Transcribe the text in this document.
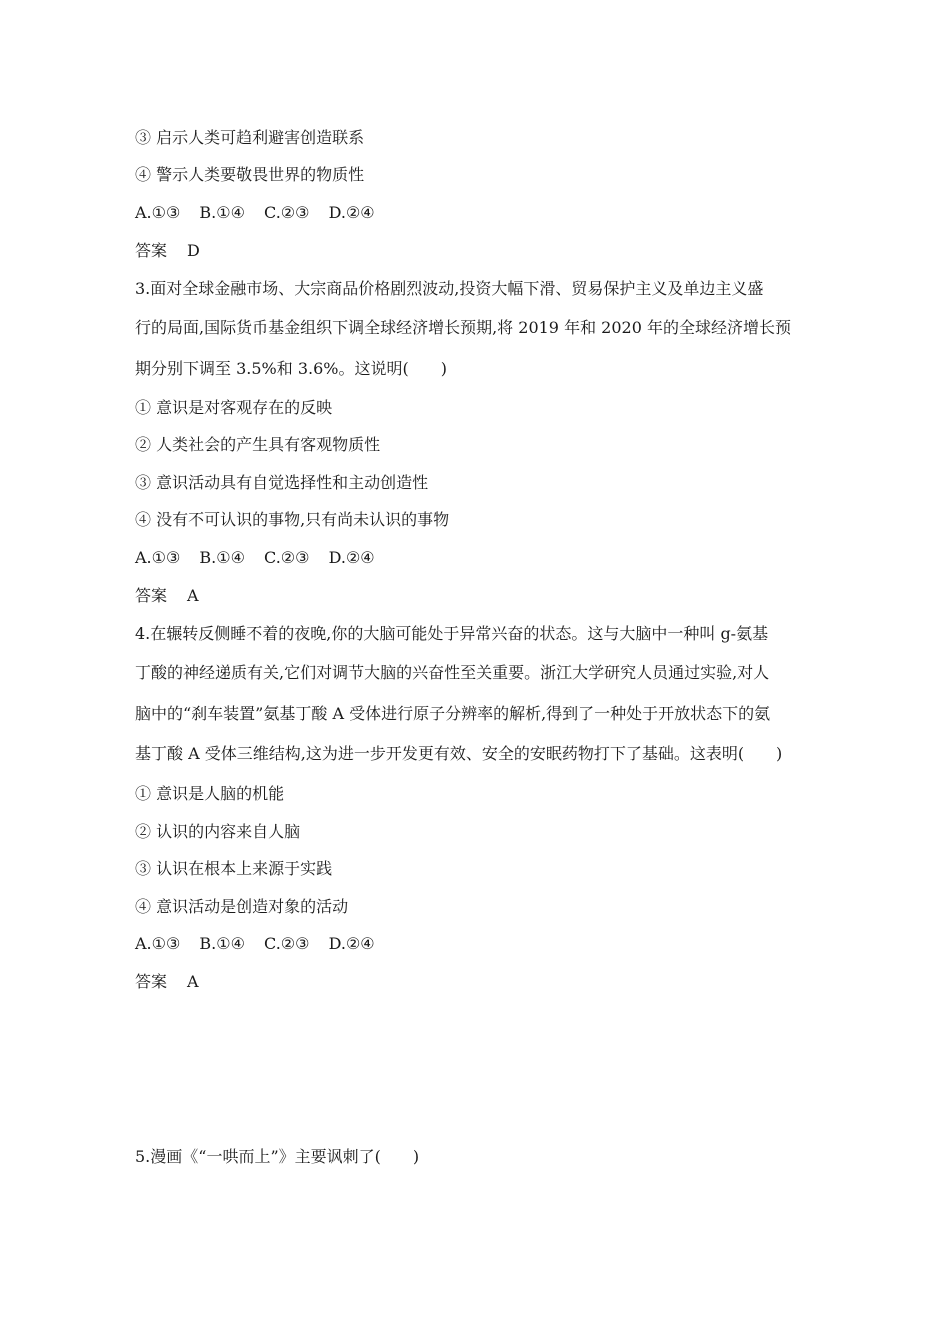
③ 启示人类可趋利避害创造联系
④ 警示人类要敬畏世界的物质性
A.①③ B.①④ C.②③ D.②④
答案 D
3.面对全球金融市场、大宗商品价格剧烈波动,投资大幅下滑、贸易保护主义及单边主义盛
行的局面,国际货币基金组织下调全球经济增长预期,将 2019 年和 2020 年的全球经济增长预
期分别下调至 3.5%和 3.6%。这说明(　　)
① 意识是对客观存在的反映
② 人类社会的产生具有客观物质性
③ 意识活动具有自觉选择性和主动创造性
④ 没有不可认识的事物,只有尚未认识的事物
A.①③ B.①④ C.②③ D.②④
答案 A
4.在辗转反侧睡不着的夜晚,你的大脑可能处于异常兴奋的状态。这与大脑中一种叫 g-氨基
丁酸的神经递质有关,它们对调节大脑的兴奋性至关重要。浙江大学研究人员通过实验,对人
脑中的“刹车装置”氨基丁酸 A 受体进行原子分辨率的解析,得到了一种处于开放状态下的氨
基丁酸 A 受体三维结构,这为进一步开发更有效、安全的安眠药物打下了基础。这表明(　　)
① 意识是人脑的机能
② 认识的内容来自人脑
③ 认识在根本上来源于实践
④ 意识活动是创造对象的活动
A.①③ B.①④ C.②③ D.②④
答案 A
5.漫画《“一哄而上”》主要讽刺了(　　)
